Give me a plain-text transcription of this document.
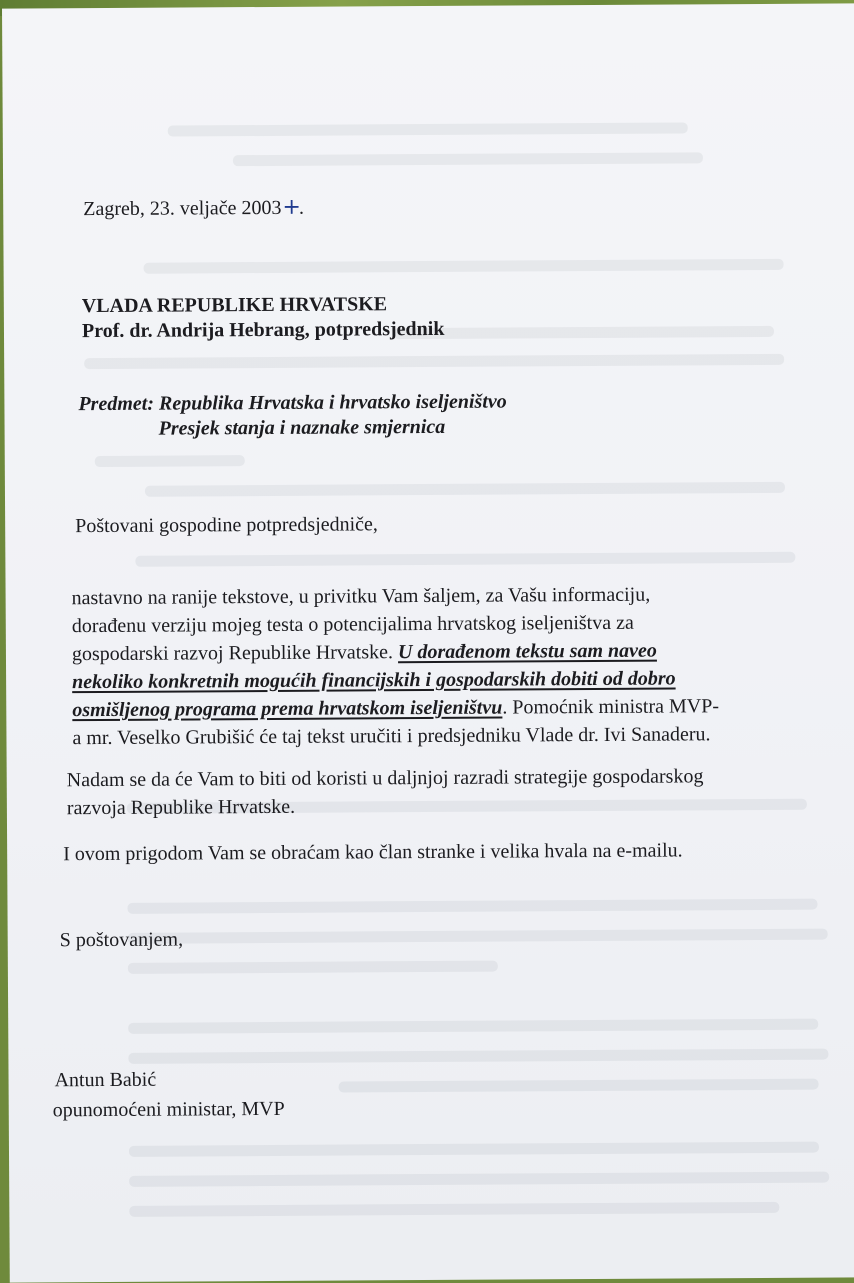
Zagreb, 23. veljače 2003+.
VLADA REPUBLIKE HRVATSKE
Prof. dr. Andrija Hebrang, potpredsjednik
Predmet: Republika Hrvatska i hrvatsko iseljeništvo
Presjek stanja i naznake smjernica
Poštovani gospodine potpredsjedniče,
nastavno na ranije tekstove, u privitku Vam šaljem, za Vašu informaciju,
dorađenu verziju mojeg testa o potencijalima hrvatskog iseljeništva za
gospodarski razvoj Republike Hrvatske.
U dorađenom tekstu sam naveo
nekoliko konkretnih mogućih financijskih i gospodarskih dobiti od dobro
osmišljenog programa prema hrvatskom iseljeništvu . Pomoćnik ministra MVP-
a mr. Veselko Grubišić će taj tekst uručiti i predsjedniku Vlade dr. Ivi Sanaderu.
Nadam se da će Vam to biti od koristi u daljnjoj razradi strategije gospodarskog
razvoja Republike Hrvatske.
I ovom prigodom Vam se obraćam kao član stranke i velika hvala na e-mailu.
S poštovanjem,
Antun Babić
opunomoćeni ministar, MVP
